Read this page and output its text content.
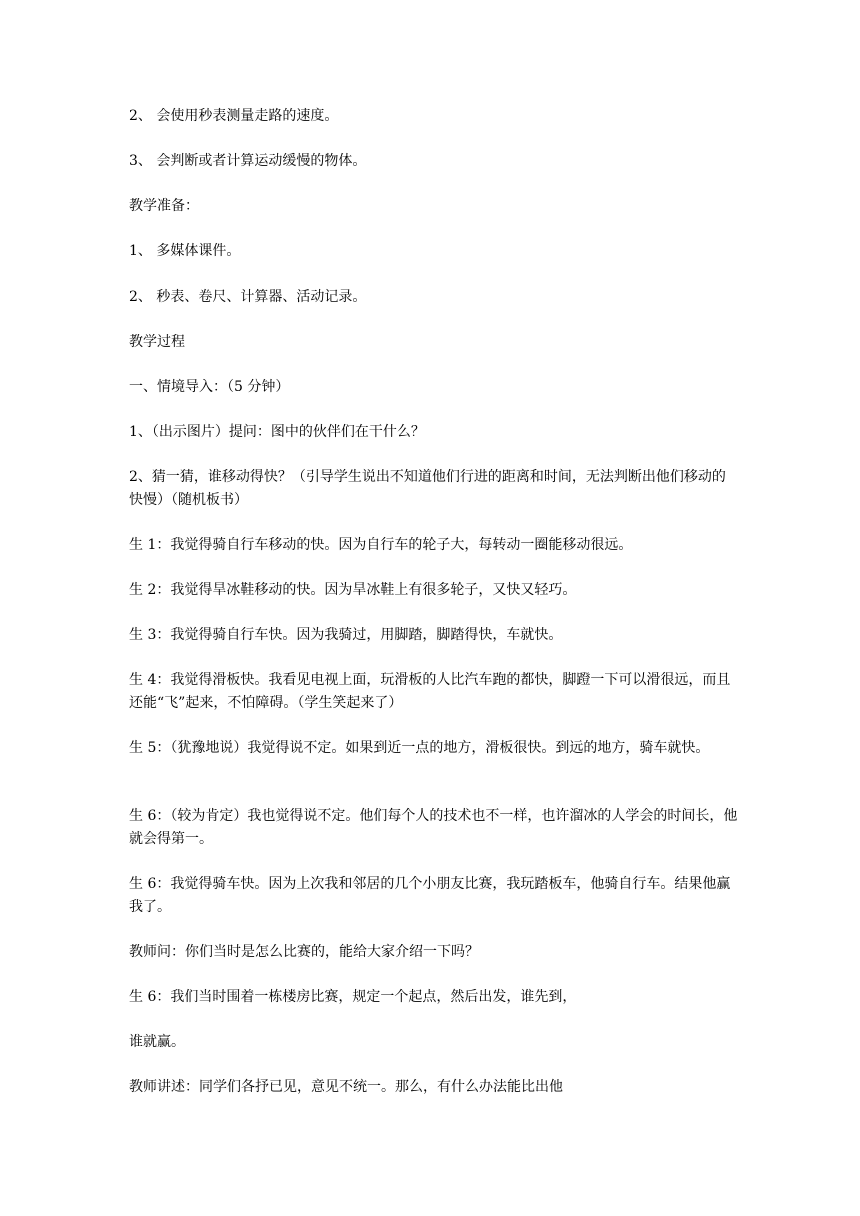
2、 会使用秒表测量走路的速度。

3、 会判断或者计算运动缓慢的物体。

教学准备：

1、 多媒体课件。

2、 秒表、卷尺、计算器、活动记录。

教学过程

一、情境导入：（5 分钟）

1、（出示图片）提问：图中的伙伴们在干什么？

2、猜一猜，谁移动得快？（引导学生说出不知道他们行进的距离和时间，无法判断出他们移动的快慢）（随机板书）

生 1：我觉得骑自行车移动的快。因为自行车的轮子大，每转动一圈能移动很远。

生 2：我觉得旱冰鞋移动的快。因为旱冰鞋上有很多轮子，又快又轻巧。

生 3：我觉得骑自行车快。因为我骑过，用脚踏，脚踏得快，车就快。

生 4：我觉得滑板快。我看见电视上面，玩滑板的人比汽车跑的都快，脚蹬一下可以滑很远，而且还能“飞”起来，不怕障碍。（学生笑起来了）

生 5：（犹豫地说）我觉得说不定。如果到近一点的地方，滑板很快。到远的地方，骑车就快。

生 6：（较为肯定）我也觉得说不定。他们每个人的技术也不一样，也许溜冰的人学会的时间长，他就会得第一。

生 6：我觉得骑车快。因为上次我和邻居的几个小朋友比赛，我玩踏板车，他骑自行车。结果他赢我了。

教师问：你们当时是怎么比赛的，能给大家介绍一下吗？

生 6：我们当时围着一栋楼房比赛，规定一个起点，然后出发，谁先到，

谁就赢。

教师讲述：同学们各抒已见，意见不统一。那么，有什么办法能比出他
